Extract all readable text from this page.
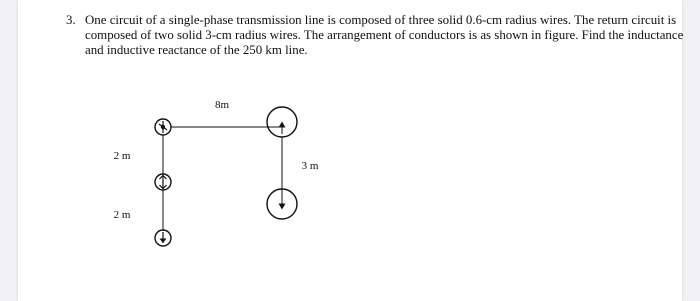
3. One circuit of a single-phase transmission line is composed of three solid 0.6-cm radius wires. The return circuit is composed of two solid 3-cm radius wires. The arrangement of conductors is as shown in figure. Find the inductance and inductive reactance of the 250 km line.
8m
2 m
2 m
3 m
